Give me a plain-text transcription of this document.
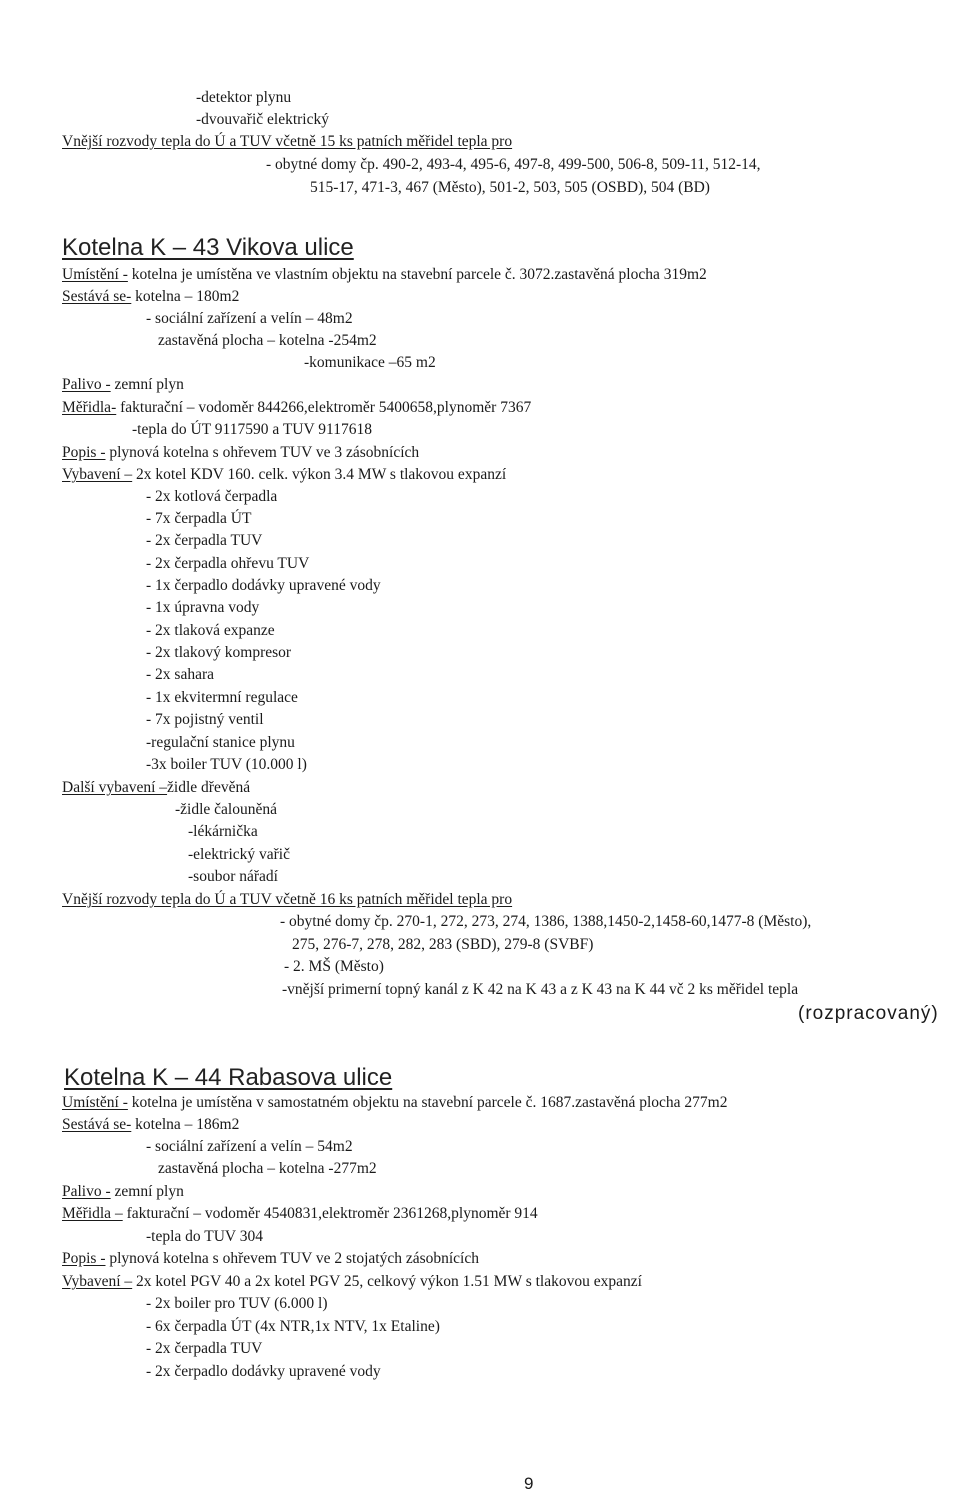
-detektor plynu
-dvouvařič elektrický
Vnější rozvody tepla do Ú a TUV včetně 15 ks patních měřidel tepla pro
- obytné domy čp. 490-2, 493-4, 495-6, 497-8, 499-500, 506-8, 509-11, 512-14,
515-17, 471-3, 467 (Město), 501-2, 503, 505 (OSBD), 504 (BD)
Kotelna K – 43 Vikova ulice
Umístění - kotelna je umístěna ve vlastním objektu na stavební parcele č. 3072.zastavěná plocha 319m2
Sestává se- kotelna – 180m2
- sociální zařízení a velín – 48m2
zastavěná plocha – kotelna -254m2
-komunikace –65 m2
Palivo - zemní plyn
Měřidla- fakturační – vodoměr 844266,elektroměr 5400658,plynoměr 7367
-tepla do ÚT 9117590 a TUV 9117618
Popis - plynová kotelna s ohřevem TUV ve 3 zásobnících
Vybavení – 2x kotel KDV 160. celk. výkon 3.4 MW s tlakovou expanzí
- 2x kotlová čerpadla
- 7x čerpadla ÚT
- 2x čerpadla TUV
- 2x čerpadla ohřevu TUV
- 1x čerpadlo dodávky upravené vody
- 1x úpravna vody
- 2x tlaková expanze
- 2x tlakový kompresor
- 2x sahara
- 1x ekvitermní regulace
- 7x pojistný ventil
-regulační stanice plynu
-3x boiler TUV (10.000 l)
Další vybavení –židle dřevěná
-židle čalouněná
-lékárnička
-elektrický vařič
-soubor nářadí
Vnější rozvody tepla do Ú a TUV včetně 16 ks patních měřidel tepla pro
- obytné domy čp. 270-1, 272, 273, 274, 1386, 1388,1450-2,1458-60,1477-8 (Město),
275, 276-7, 278, 282, 283 (SBD), 279-8 (SVBF)
- 2. MŠ (Město)
-vnější primerní topný kanál z K 42 na K 43 a z K 43 na K 44 vč 2 ks měřidel tepla
(rozpracovaný)
Kotelna K – 44 Rabasova ulice
Umístění - kotelna je umístěna v samostatném objektu na stavební parcele č. 1687.zastavěná plocha 277m2
Sestává se- kotelna – 186m2
- sociální zařízení a velín – 54m2
zastavěná plocha – kotelna -277m2
Palivo - zemní plyn
Měřidla – fakturační – vodoměr 4540831,elektroměr 2361268,plynoměr 914
-tepla do TUV 304
Popis - plynová kotelna s ohřevem TUV ve 2 stojatých zásobnících
Vybavení – 2x kotel PGV 40 a 2x kotel PGV 25, celkový výkon 1.51 MW s tlakovou expanzí
- 2x boiler pro TUV (6.000 l)
- 6x čerpadla ÚT (4x NTR,1x NTV, 1x Etaline)
- 2x čerpadla TUV
- 2x čerpadlo dodávky upravené vody
9
